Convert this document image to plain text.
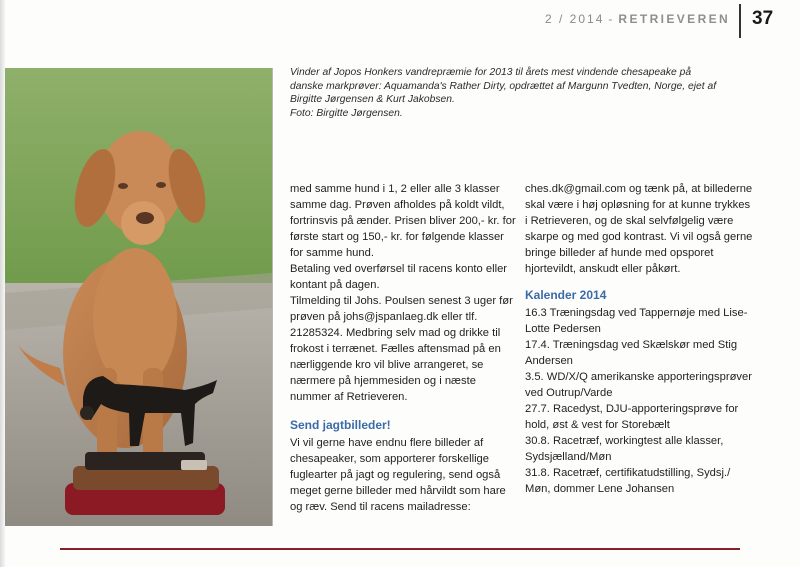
2 / 2014 - RETRIEVEREN 37

Vinder af Jopos Honkers vandrepræmie for 2013 til årets mest vindende chesapeake på danske markprøver: Aquamanda's Rather Dirty, opdrættet af Margunn Tvedten, Norge, ejet af Birgitte Jørgensen & Kurt Jakobsen.

Foto: Birgitte Jørgensen.

med samme hund i 1, 2 eller alle 3 klasser samme dag. Prøven afholdes på koldt vildt, fortrinsvis på ænder. Prisen bliver 200,- kr. for første start og 150,- kr. for følgende klasser for samme hund.

Betaling ved overførsel til racens konto eller kontant på dagen.

Tilmelding til Johs. Poulsen senest 3 uger før prøven på johs@jspanlaeg.dk eller tlf. 21285324. Medbring selv mad og drikke til frokost i terrænet. Fælles aftensmad på en nærliggende kro vil blive arrangeret, se nærmere på hjemmesiden og i næste nummer af Retrieveren.

Send jagtbilleder!

Vi vil gerne have endnu flere billeder af chesapeaker, som apporterer forskellige fuglearter på jagt og regulering, send også meget gerne billeder med hårvildt som hare og ræv. Send til racens mailadresse:

ches.dk@gmail.com og tænk på, at billederne skal være i høj opløsning for at kunne trykkes i Retrieveren, og de skal selvfølgelig være skarpe og med god kontrast. Vi vil også gerne bringe billeder af hunde med opsporet hjortevildt, anskudt eller påkørt.

Kalender 2014

16.3 Træningsdag ved Tappernøje med Lise-Lotte Pedersen

17.4. Træningsdag ved Skælskør med Stig Andersen

3.5. WD/X/Q amerikanske apporteringsprøver ved Outrup/Varde

27.7. Racedyst, DJU-apporteringsprøve for hold, øst & vest for Storebælt

30.8. Racetræf, workingtest alle klasser, Sydsjælland/Møn

31.8. Racetræf, certifikatudstilling, Sydsj./ Møn, dommer Lene Johansen
